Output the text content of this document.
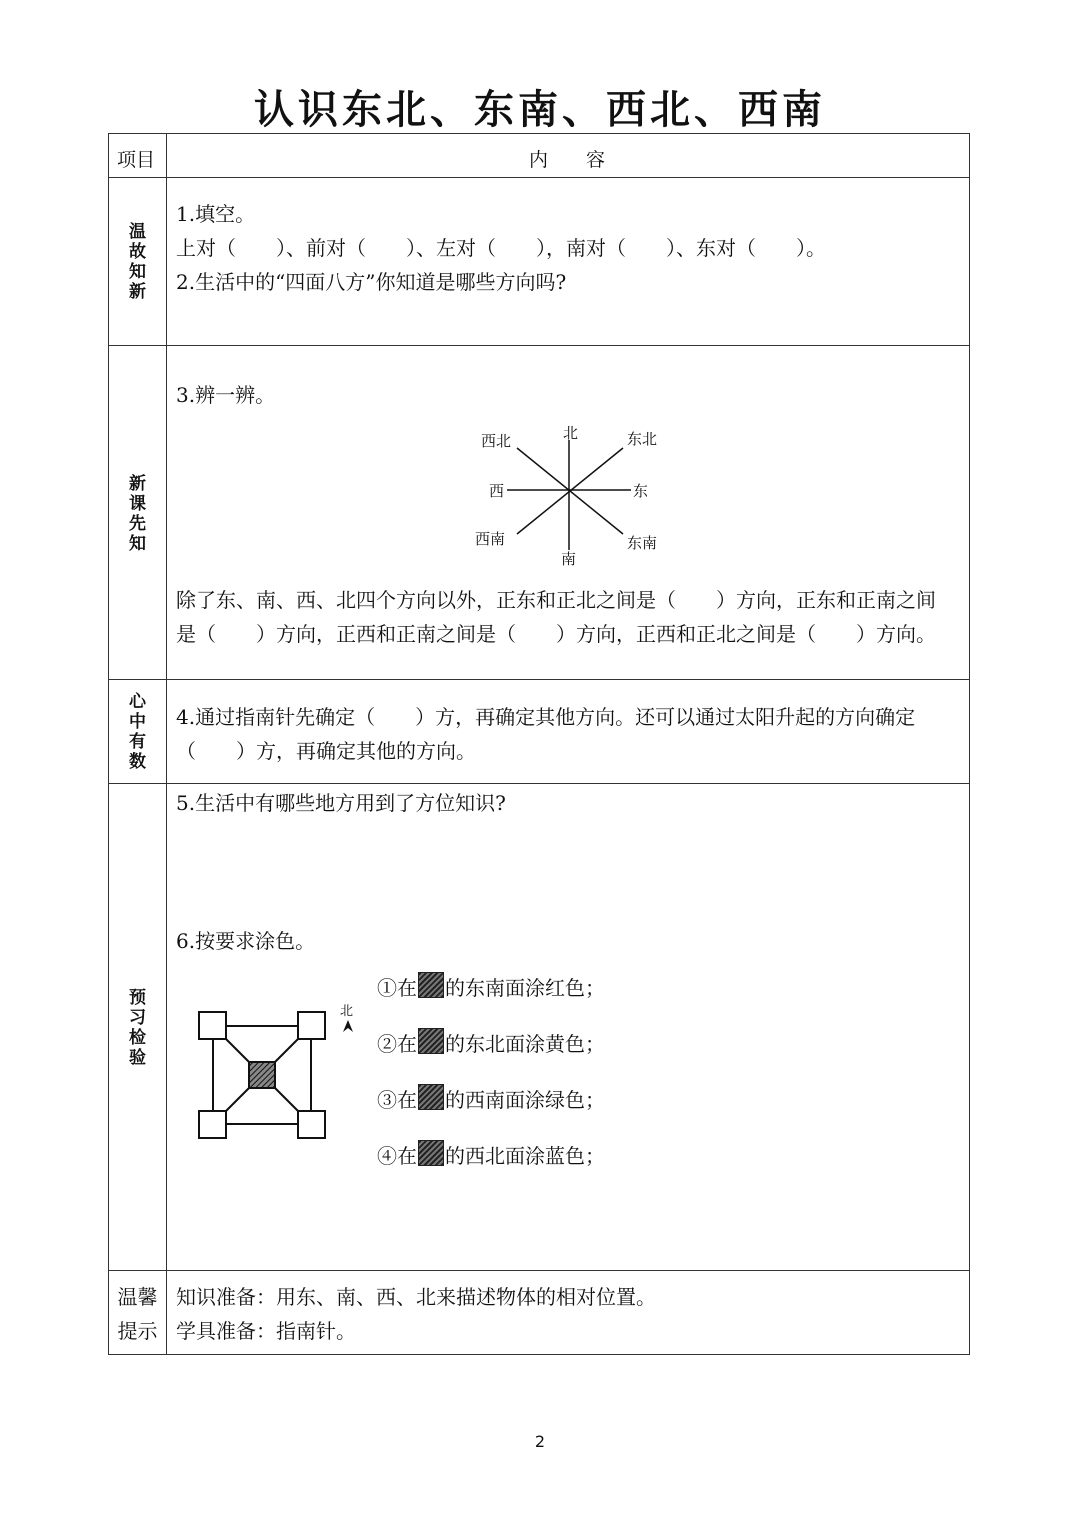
认识东北、东南、西北、西南
项目	内　　容
温
故
知
新
1.填空。
上对（　　）、前对（　　）、左对（　　），南对（　　）、东对（　　）。
2.生活中的“四面八方”你知道是哪些方向吗?
新
课
先
知
3.辨一辨。
北
南
东
西
东北
西北
东南
西南
除了东、南、西、北四个方向以外，正东和正北之间是（　　）方向，正东和正南之间
是（　　）方向，正西和正南之间是（　　）方向，正西和正北之间是（　　）方向。
心
中
有
数
4.通过指南针先确定（　　）方，再确定其他方向。还可以通过太阳升起的方向确定
（　　）方，再确定其他的方向。
预
习
检
验
5.生活中有哪些地方用到了方位知识?
6.按要求涂色。
北
①在 的东南面涂红色；
②在 的东北面涂黄色；
③在 的西南面涂绿色；
④在 的西北面涂蓝色；
温馨
提示
知识准备：用东、南、西、北来描述物体的相对位置。
学具准备：指南针。
2
